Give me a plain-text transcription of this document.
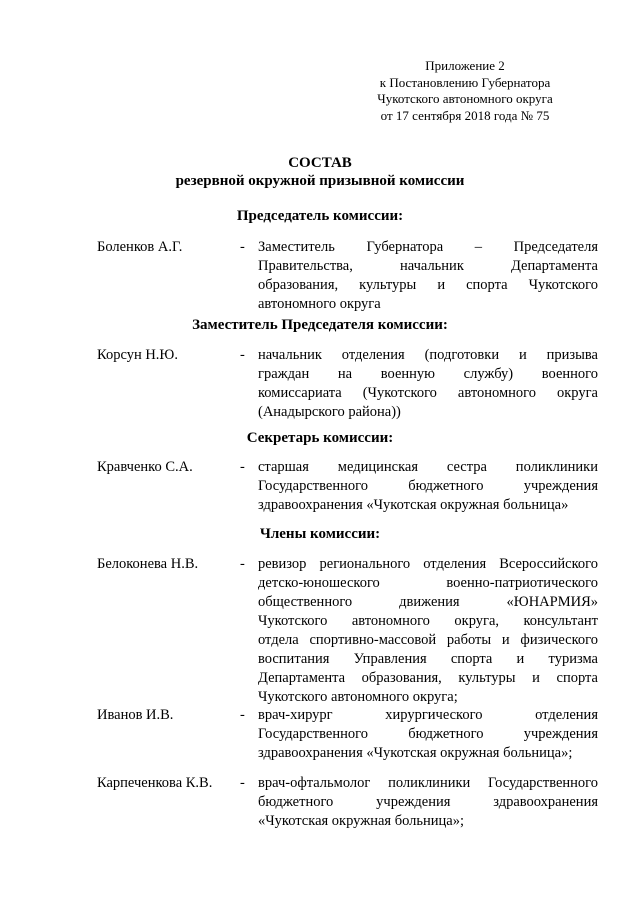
Приложение 2
к Постановлению Губернатора
Чукотского автономного округа
от 17 сентября 2018 года № 75
СОСТАВ
резервной окружной призывной комиссии
Председатель комиссии:
Боленков А.Г.	- Заместитель Губернатора – Председателя
Правительства, начальник Департамента
образования, культуры и спорта Чукотского
автономного округа
Заместитель Председателя комиссии:
Корсун Н.Ю.	- начальник отделения (подготовки и призыва
граждан на военную службу) военного
комиссариата (Чукотского автономного округа
(Анадырского района))
Секретарь комиссии:
Кравченко С.А.	- старшая медицинская сестра поликлиники
Государственного бюджетного учреждения
здравоохранения «Чукотская окружная больница»
Члены комиссии:
Белоконева Н.В.	- ревизор регионального отделения Всероссийского
детско-юношеского военно-патриотического
общественного движения «ЮНАРМИЯ»
Чукотского автономного округа, консультант
отдела спортивно-массовой работы и физического
воспитания Управления спорта и туризма
Департамента образования, культуры и спорта
Чукотского автономного округа;
Иванов И.В.	- врач-хирург хирургического отделения
Государственного бюджетного учреждения
здравоохранения «Чукотская окружная больница»;
Карпеченкова К.В. - врач-офтальмолог поликлиники Государственного
бюджетного учреждения здравоохранения
«Чукотская окружная больница»;
